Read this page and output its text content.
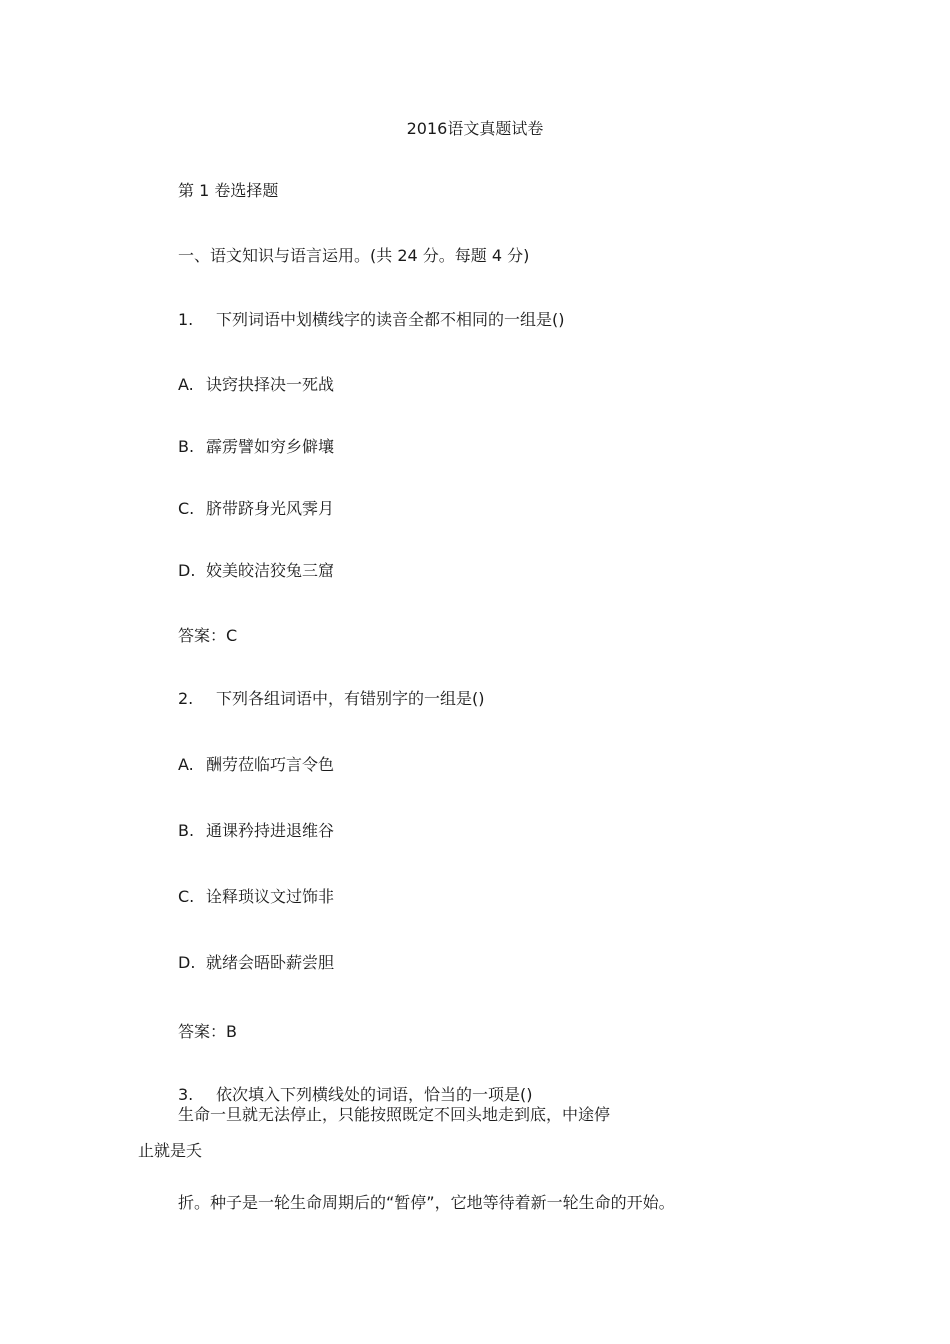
2016语文真题试卷
第 1 卷选择题
一、语文知识与语言运用。(共 24 分。每题 4 分)
1. 下列词语中划横线字的读音全都不相同的一组是()
A. 诀窍抉择决一死战
B. 霹雳譬如穷乡僻壤
C. 脐带跻身光风霁月
D. 姣美皎洁狡兔三窟
答案：C
2. 下列各组词语中，有错别字的一组是()
A. 酬劳莅临巧言令色
B. 通课矜持进退维谷
C. 诠释琐议文过饰非
D. 就绪会晤卧薪尝胆
答案：B
3. 依次填入下列横线处的词语，恰当的一项是()
生命一旦就无法停止，只能按照既定不回头地走到底，中途停
止就是夭
折。种子是一轮生命周期后的“暂停”，它地等待着新一轮生命的开始。
